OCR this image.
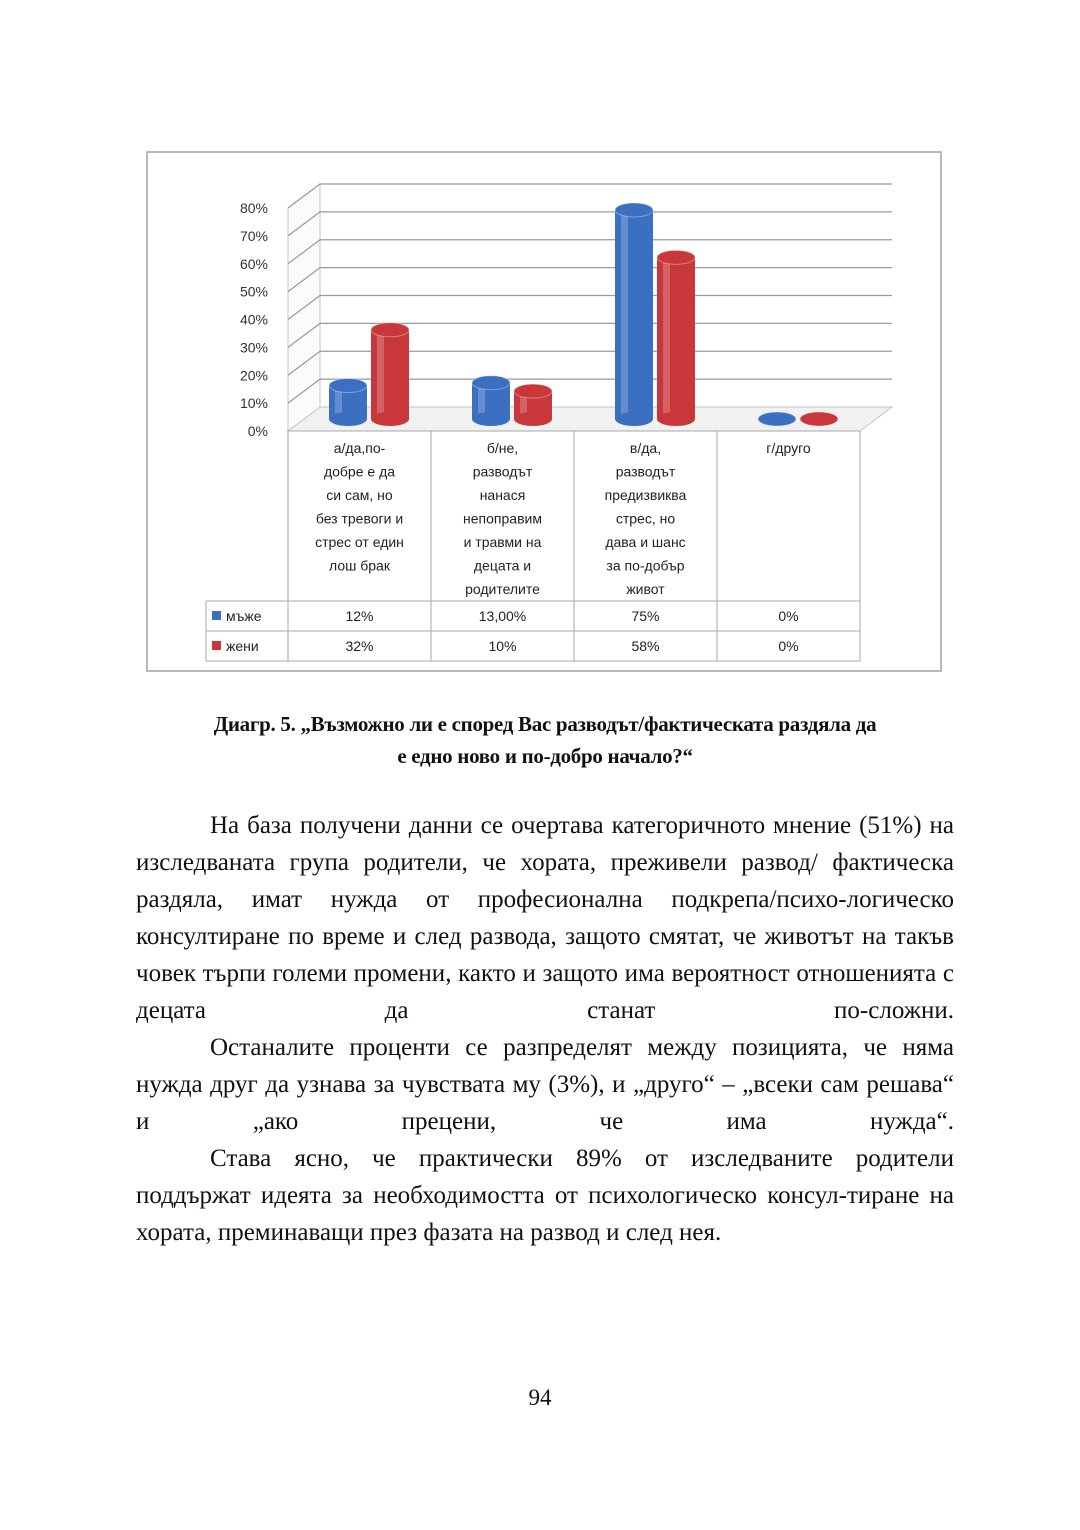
80%
70%
60%
50%
40%
30%
20%
10%
0%
а/да,по-
добре е да
си сам, но
без тревоги и
стрес от един
лош брак
б/не,
разводът
нанася
непоправим
и травми на
децата и
родителите
в/да,
разводът
предизвиква
стрес, но
дава и шанс
за по-добър
живот
г/друго
мъже	12%	13,00%	75%	0%
жени	32%	10%	58%	0%
Диагр. 5. „Възможно ли е според Вас разводът/фактическата раздяла да
е едно ново и по-добро начало?“

На база получени данни се очертава категоричното мнение (51%) на изследваната група родители, че хората, преживели развод/ фактическа раздяла, имат нужда от професионална подкрепа/психо-логическо консултиране по време и след развода, защото смятат, че животът на такъв човек търпи големи промени, както и защото има вероятност отношенията с децата да станат по-сложни.

Останалите проценти се разпределят между позицията, че няма нужда друг да узнава за чувствата му (3%), и „друго“ – „всеки сам решава“ и „ако прецени, че има нужда“.

Става ясно, че практически 89% от изследваните родители поддържат идеята за необходимостта от психологическо консул-тиране на хората, преминаващи през фазата на развод и след нея.

94
